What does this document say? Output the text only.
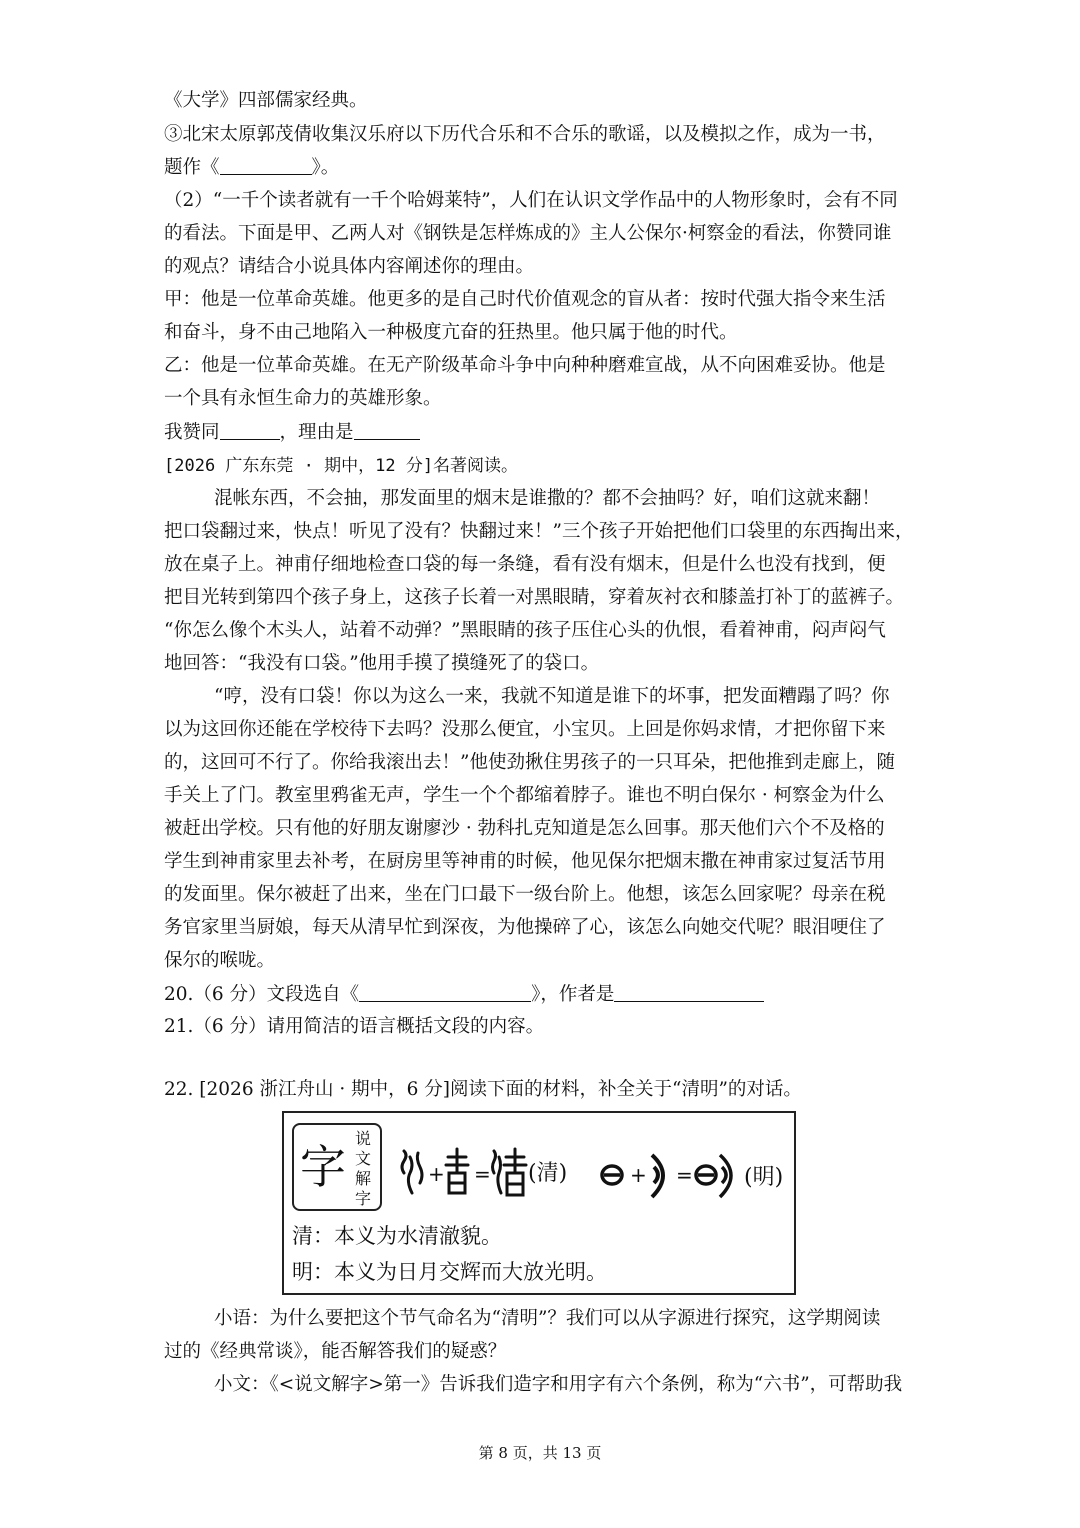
《大学》四部儒家经典。
③北宋太原郭茂倩收集汉乐府以下历代合乐和不合乐的歌谣，以及模拟之作，成为一书，
题作《	》。
（2）“一千个读者就有一千个哈姆莱特”，人们在认识文学作品中的人物形象时，会有不同
的看法。下面是甲、乙两人对《钢铁是怎样炼成的》主人公保尔·柯察金的看法，你赞同谁
的观点？请结合小说具体内容阐述你的理由。
甲：他是一位革命英雄。他更多的是自己时代价值观念的盲从者：按时代强大指令来生活
和奋斗，身不由己地陷入一种极度亢奋的狂热里。他只属于他的时代。
乙：他是一位革命英雄。在无产阶级革命斗争中向种种磨难宣战，从不向困难妥协。他是
一个具有永恒生命力的英雄形象。
我赞同	，理由是
[2026 广东东莞 · 期中，12 分]名著阅读。
混帐东西，不会抽，那发面里的烟末是谁撒的？都不会抽吗？好，咱们这就来翻！
把口袋翻过来，快点！听见了没有？快翻过来！”三个孩子开始把他们口袋里的东西掏出来，
放在桌子上。神甫仔细地检查口袋的每一条缝，看有没有烟末，但是什么也没有找到，便
把目光转到第四个孩子身上，这孩子长着一对黑眼睛，穿着灰衬衣和膝盖打补丁的蓝裤子。
“你怎么像个木头人，站着不动弹？”黑眼睛的孩子压住心头的仇恨，看着神甫，闷声闷气
地回答：“我没有口袋。”他用手摸了摸缝死了的袋口。
“哼，没有口袋！你以为这么一来，我就不知道是谁下的坏事，把发面糟蹋了吗？你
以为这回你还能在学校待下去吗？没那么便宜，小宝贝。上回是你妈求情，才把你留下来
的，这回可不行了。你给我滚出去！”他使劲揪住男孩子的一只耳朵，把他推到走廊上，随
手关上了门。教室里鸦雀无声，学生一个个都缩着脖子。谁也不明白保尔 · 柯察金为什么
被赶出学校。只有他的好朋友谢廖沙 · 勃科扎克知道是怎么回事。那天他们六个不及格的
学生到神甫家里去补考，在厨房里等神甫的时候，他见保尔把烟末撒在神甫家过复活节用
的发面里。保尔被赶了出来，坐在门口最下一级台阶上。他想，该怎么回家呢？母亲在税
务官家里当厨娘，每天从清早忙到深夜，为他操碎了心，该怎么向她交代呢？眼泪哽住了
保尔的喉咙。
20.（6 分）文段选自《	》，作者是
21.（6 分）请用简洁的语言概括文段的内容。
22. [2026 浙江舟山 · 期中，6 分]阅读下面的材料，补全关于“清明”的对话。
字
说
文
解
字
+ = (清)	+ = (明)
清：本义为水清澈貌。
明：本义为日月交辉而大放光明。
小语：为什么要把这个节气命名为“清明”？我们可以从字源进行探究，这学期阅读
过的《经典常谈》，能否解答我们的疑惑？
小文：《<说文解字>第一》告诉我们造字和用字有六个条例，称为“六书”，可帮助我
第 8 页，共 13 页
